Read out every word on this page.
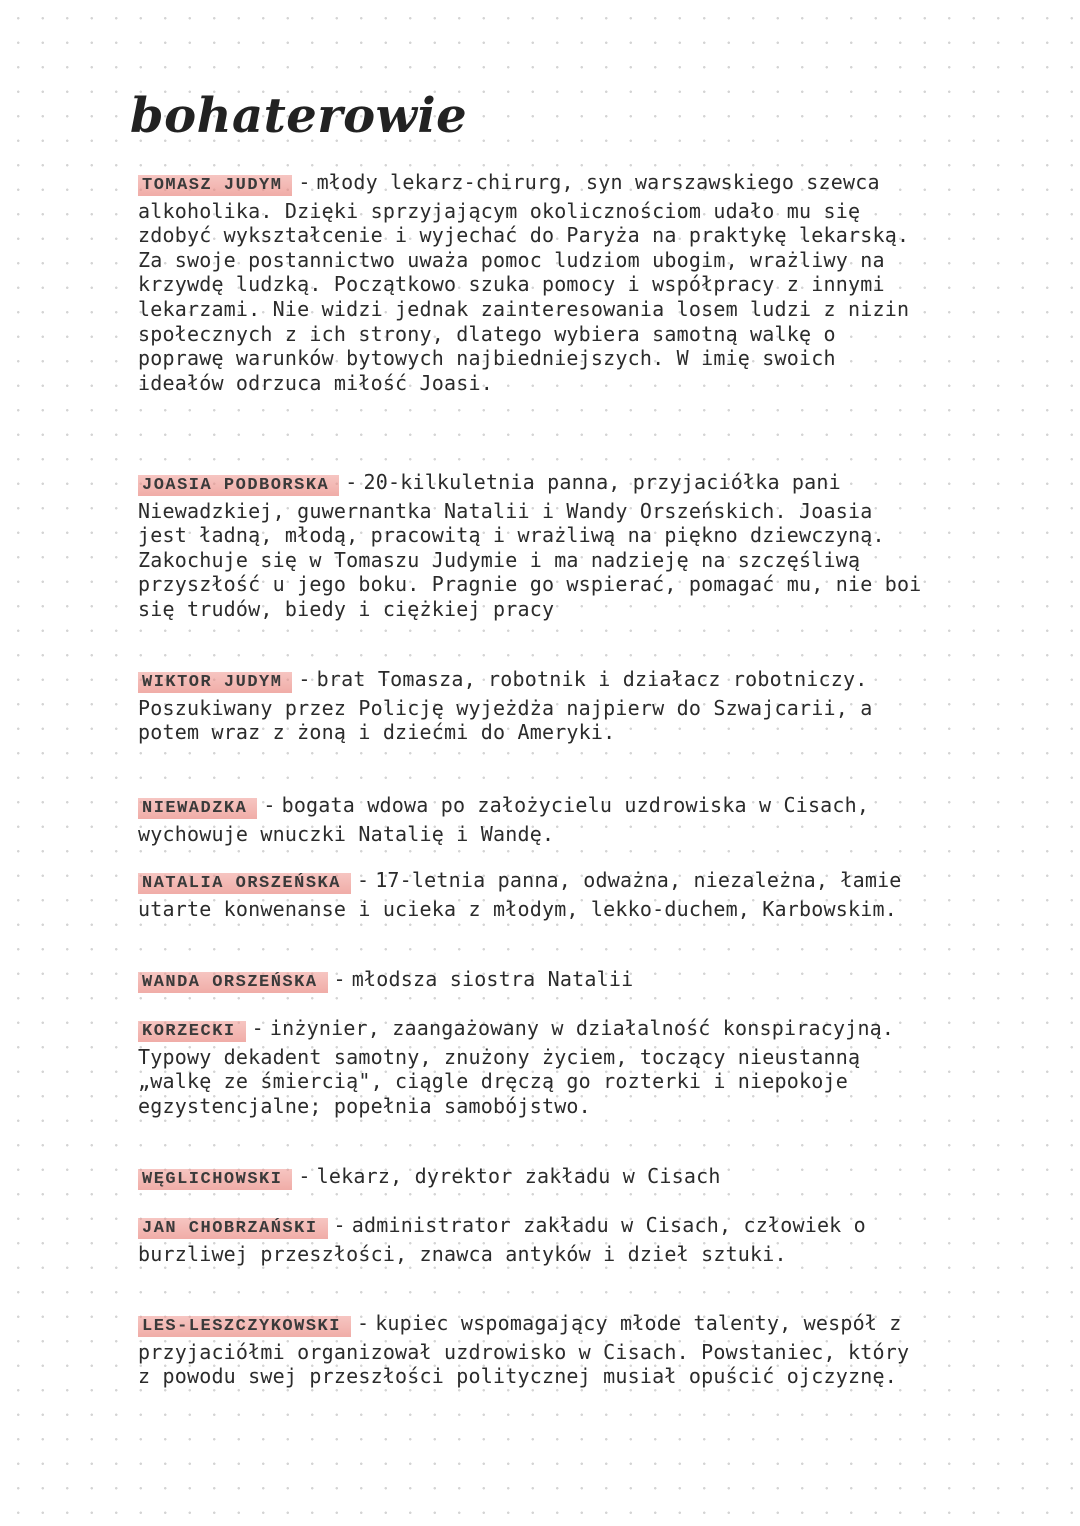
bohaterowie
TOMASZ JUDYM - młody lekarz-chirurg, syn warszawskiego szewca alkoholika. Dzięki sprzyjającym okolicznościom udało mu się zdobyć wykształcenie i wyjechać do Paryża na praktykę lekarską. Za swoje postannictwo uważa pomoc ludziom ubogim, wrażliwy na krzywdę ludzką. Początkowo szuka pomocy i współpracy z innymi lekarzami. Nie widzi jednak zainteresowania losem ludzi z nizin społecznych z ich strony, dlatego wybiera samotną walkę o poprawę warunków bytowych najbiedniejszych. W imię swoich ideałów odrzuca miłość Joasi.
JOASIA PODBORSKA - 20-kilkuletnia panna, przyjaciółka pani Niewadzkiej, guwernantka Natalii i Wandy Orszeńskich. Joasia jest ładną, młodą, pracowitą i wrażliwą na piękno dziewczyną. Zakochuje się w Tomaszu Judymie i ma nadzieję na szczęśliwą przyszłość u jego boku. Pragnie go wspierać, pomagać mu, nie boi się trudów, biedy i ciężkiej pracy
WIKTOR JUDYM - brat Tomasza, robotnik i działacz robotniczy. Poszukiwany przez Policję wyjeżdża najpierw do Szwajcarii, a potem wraz z żoną i dziećmi do Ameryki.
NIEWADZKA - bogata wdowa po założycielu uzdrowiska w Cisach, wychowuje wnuczki Natalię i Wandę.
NATALIA ORSZEŃSKA - 17-letnia panna, odważna, niezależna, łamie utarte konwenanse i ucieka z młodym, lekko-duchem, Karbowskim.
WANDA ORSZEŃSKA - młodsza siostra Natalii
KORZECKI - inżynier, zaangażowany w działalność konspiracyjną. Typowy dekadent samotny, znużony życiem, toczący nieustanną „walkę ze śmiercią", ciągle dręczą go rozterki i niepokoje egzystencjalne; popełnia samobójstwo.
WĘGLICHOWSKI - lekarz, dyrektor zakładu w Cisach
JAN CHOBRZAŃSKI - administrator zakładu w Cisach, człowiek o burzliwej przeszłości, znawca antyków i dzieł sztuki.
LES-LESZCZYKOWSKI - kupiec wspomagający młode talenty, wespół z przyjaciółmi organizował uzdrowisko w Cisach. Powstaniec, który z powodu swej przeszłości politycznej musiał opuścić ojczyznę.
